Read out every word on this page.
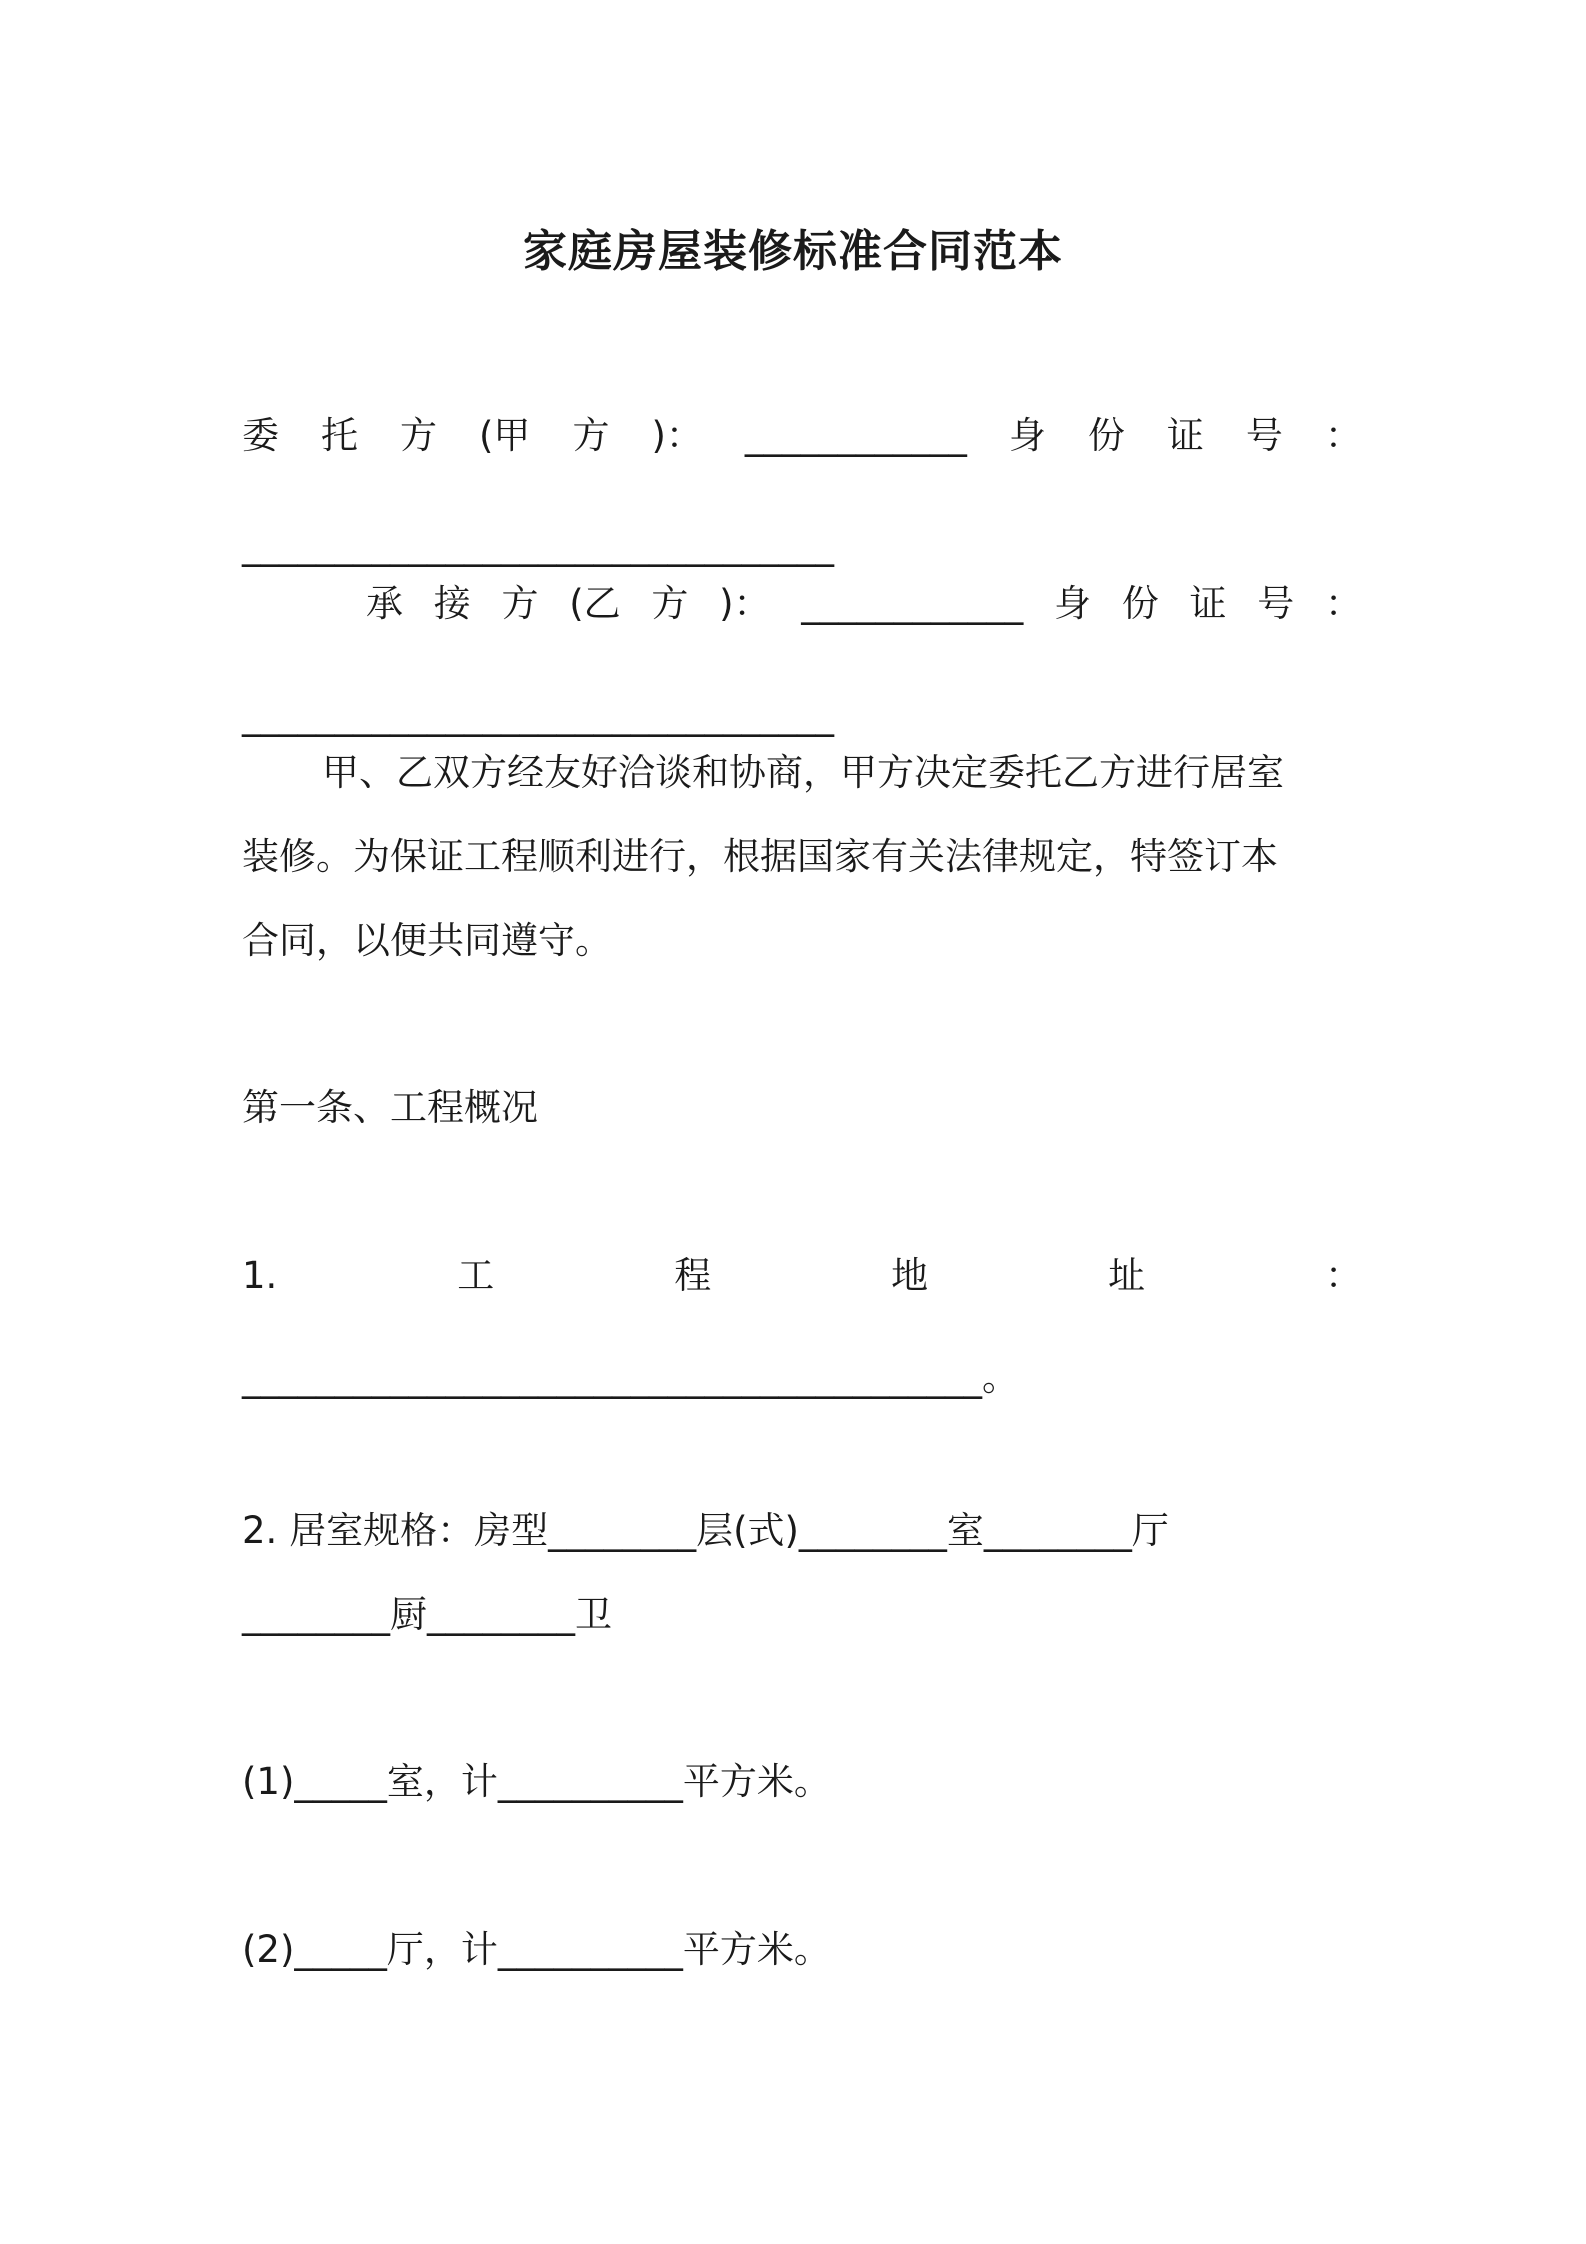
家庭房屋装修标准合同范本
委 托 方 (甲 方 )： ____________ 身 份 证 号 ：
________________________________
承 接 方 (乙 方 )： ____________ 身 份 证 号 ：
________________________________
甲、乙双方经友好洽谈和协商，甲方决定委托乙方进行居室
装修。为保证工程顺利进行，根据国家有关法律规定，特签订本
合同，以便共同遵守。
第一条、工程概况
1.	工	程	地	址	：
________________________________________。
2. 居室规格：房型________层(式)________室________厅
________厨________卫
(1)_____室，计__________平方米。
(2)_____厅，计__________平方米。
